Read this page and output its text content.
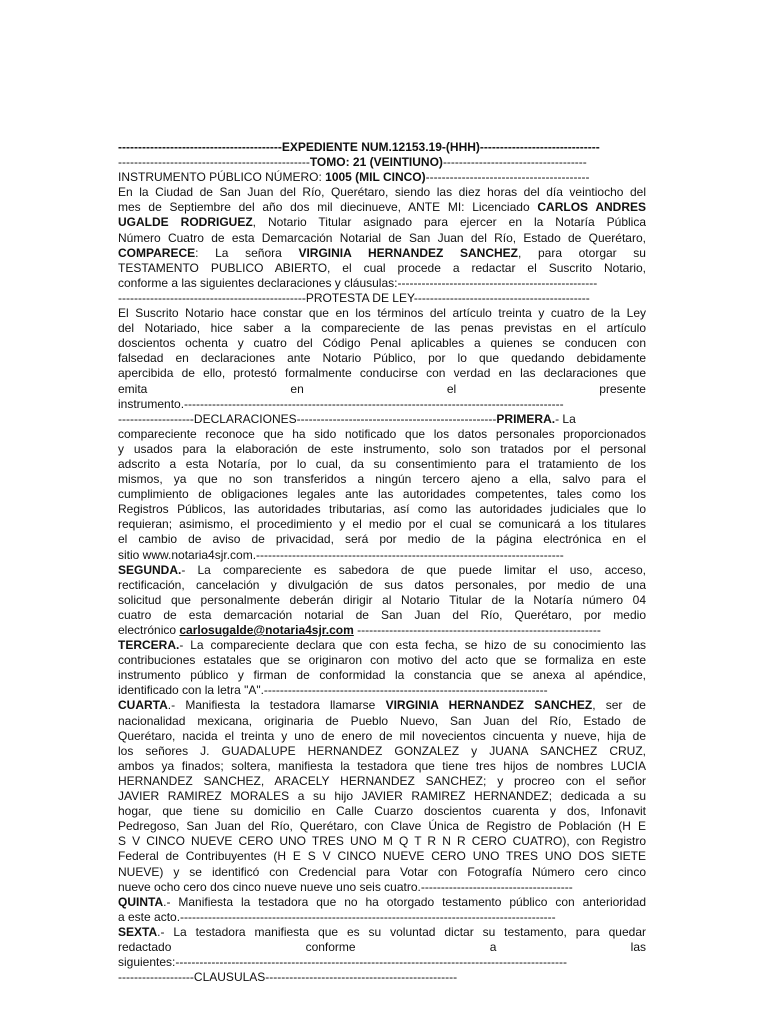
-----------------------------------------EXPEDIENTE NUM.12153.19-(HHH)------------------------------
------------------------------------------------TOMO: 21 (VEINTIUNO)------------------------------------
INSTRUMENTO PÚBLICO NÚMERO: 1005 (MIL CINCO)-----------------------------------------
En la Ciudad de San Juan del Río, Querétaro, siendo las diez horas del día veintiocho del
mes de Septiembre del año dos mil diecinueve, ANTE MI: Licenciado CARLOS ANDRES
UGALDE RODRIGUEZ, Notario Titular asignado para ejercer en la Notaría Pública
Número Cuatro de esta Demarcación Notarial de San Juan del Río, Estado de Querétaro,
COMPARECE: La señora VIRGINIA HERNANDEZ SANCHEZ, para otorgar su
TESTAMENTO PUBLICO ABIERTO, el cual procede a redactar el Suscrito Notario,
conforme a las siguientes declaraciones y cláusulas:--------------------------------------------------
-----------------------------------------------PROTESTA DE LEY--------------------------------------------
El Suscrito Notario hace constar que en los términos del artículo treinta y cuatro de la Ley
del Notariado, hice saber a la compareciente de las penas previstas en el artículo
doscientos ochenta y cuatro del Código Penal aplicables a quienes se conducen con
falsedad en declaraciones ante Notario Público, por lo que quedando debidamente
apercibida de ello, protestó formalmente conducirse con verdad en las declaraciones que
emita	en	el	presente
instrumento.-----------------------------------------------------------------------------------------------
-------------------DECLARACIONES--------------------------------------------------PRIMERA.- La
compareciente reconoce que ha sido notificado que los datos personales proporcionados
y usados para la elaboración de este instrumento, solo son tratados por el personal
adscrito a esta Notaría, por lo cual, da su consentimiento para el tratamiento de los
mismos, ya que no son transferidos a ningún tercero ajeno a ella, salvo para el
cumplimiento de obligaciones legales ante las autoridades competentes, tales como los
Registros Públicos, las autoridades tributarias, así como las autoridades judiciales que lo
requieran; asimismo, el procedimiento y el medio por el cual se comunicará a los titulares
el cambio de aviso de privacidad, será por medio de la página electrónica en el
sitio www.notaria4sjr.com.-----------------------------------------------------------------------------
SEGUNDA.- La compareciente es sabedora de que puede limitar el uso, acceso,
rectificación, cancelación y divulgación de sus datos personales, por medio de una
solicitud que personalmente deberán dirigir al Notario Titular de la Notaría número 04
cuatro de esta demarcación notarial de San Juan del Río, Querétaro, por medio
electrónico carlosugalde@notaria4sjr.com -------------------------------------------------------------
TERCERA.- La compareciente declara que con esta fecha, se hizo de su conocimiento las
contribuciones estatales que se originaron con motivo del acto que se formaliza en este
instrumento público y firman de conformidad la constancia que se anexa al apéndice,
identificado con la letra "A".-----------------------------------------------------------------------
CUARTA.- Manifiesta la testadora llamarse VIRGINIA HERNANDEZ SANCHEZ, ser de
nacionalidad mexicana, originaria de Pueblo Nuevo, San Juan del Río, Estado de
Querétaro, nacida el treinta y uno de enero de mil novecientos cincuenta y nueve, hija de
los señores J. GUADALUPE HERNANDEZ GONZALEZ y JUANA SANCHEZ CRUZ,
ambos ya finados; soltera, manifiesta la testadora que tiene tres hijos de nombres LUCIA
HERNANDEZ SANCHEZ, ARACELY HERNANDEZ SANCHEZ; y procreo con el señor
JAVIER RAMIREZ MORALES a su hijo JAVIER RAMIREZ HERNANDEZ; dedicada a su
hogar, que tiene su domicilio en Calle Cuarzo doscientos cuarenta y dos, Infonavit
Pedregoso, San Juan del Río, Querétaro, con Clave Única de Registro de Población (H E
S V CINCO NUEVE CERO UNO TRES UNO M Q T R N R CERO CUATRO), con Registro
Federal de Contribuyentes (H E S V CINCO NUEVE CERO UNO TRES UNO DOS SIETE
NUEVE) y se identificó con Credencial para Votar con Fotografía Número cero cinco
nueve ocho cero dos cinco nueve nueve uno seis cuatro.--------------------------------------
QUINTA.- Manifiesta la testadora que no ha otorgado testamento público con anterioridad
a este acto.----------------------------------------------------------------------------------------------
SEXTA.- La testadora manifiesta que es su voluntad dictar su testamento, para quedar
redactado	conforme	a	las
siguientes:--------------------------------------------------------------------------------------------------
-------------------CLAUSULAS------------------------------------------------
